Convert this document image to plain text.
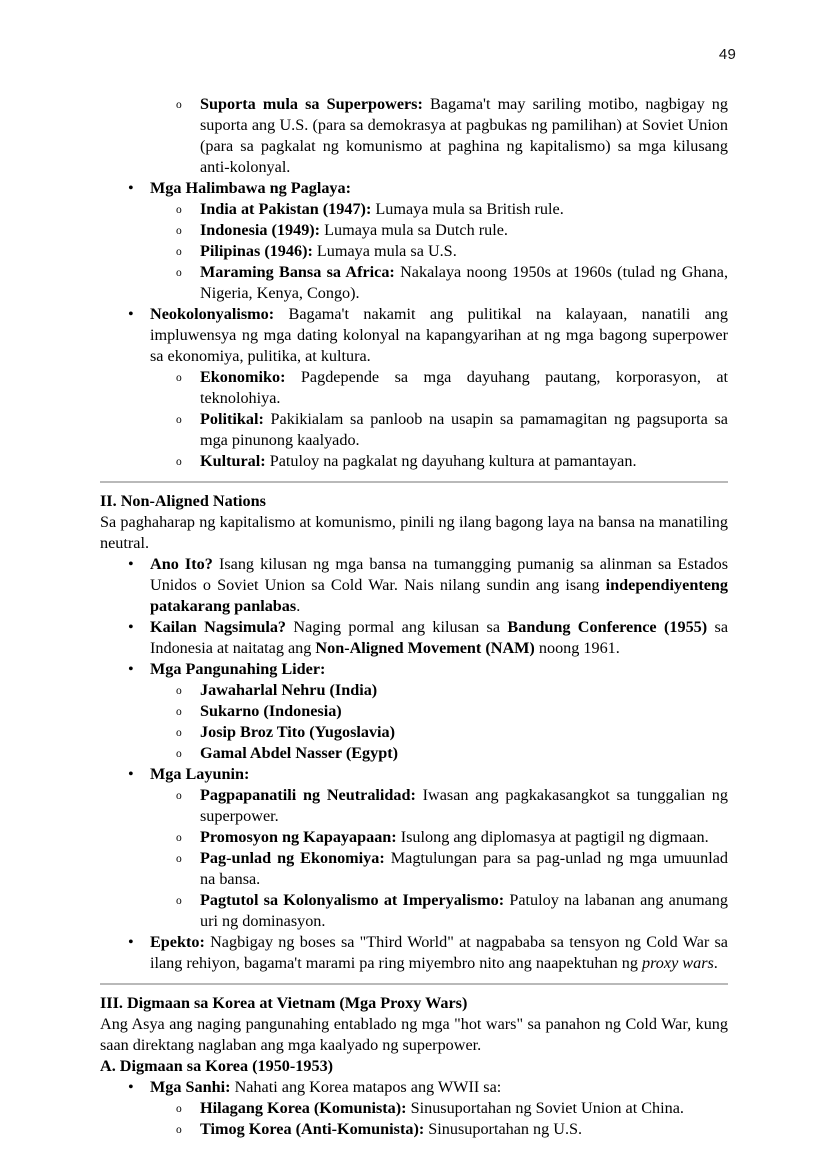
49
o	Suporta mula sa Superpowers: Bagama't may sariling motibo, nagbigay ng suporta ang U.S. (para sa demokrasya at pagbukas ng pamilihan) at Soviet Union (para sa pagkalat ng komunismo at paghina ng kapitalismo) sa mga kilusang anti-kolonyal.
• Mga Halimbawa ng Paglaya:
o	India at Pakistan (1947): Lumaya mula sa British rule.
o	Indonesia (1949): Lumaya mula sa Dutch rule.
o	Pilipinas (1946): Lumaya mula sa U.S.
o	Maraming Bansa sa Africa: Nakalaya noong 1950s at 1960s (tulad ng Ghana, Nigeria, Kenya, Congo).
• Neokolonyalismo: Bagama't nakamit ang pulitikal na kalayaan, nanatili ang impluwensya ng mga dating kolonyal na kapangyarihan at ng mga bagong superpower sa ekonomiya, pulitika, at kultura.
o	Ekonomiko: Pagdepende sa mga dayuhang pautang, korporasyon, at teknolohiya.
o	Politikal: Pakikialam sa panloob na usapin sa pamamagitan ng pagsuporta sa mga pinunong kaalyado.
o	Kultural: Patuloy na pagkalat ng dayuhang kultura at pamantayan.
II. Non-Aligned Nations
Sa paghaharap ng kapitalismo at komunismo, pinili ng ilang bagong laya na bansa na manatiling neutral.
• Ano Ito? Isang kilusan ng mga bansa na tumangging pumanig sa alinman sa Estados Unidos o Soviet Union sa Cold War. Nais nilang sundin ang isang independiyenteng patakarang panlabas.
• Kailan Nagsimula? Naging pormal ang kilusan sa Bandung Conference (1955) sa Indonesia at naitatag ang Non-Aligned Movement (NAM) noong 1961.
• Mga Pangunahing Lider:
o	Jawaharlal Nehru (India)
o	Sukarno (Indonesia)
o	Josip Broz Tito (Yugoslavia)
o	Gamal Abdel Nasser (Egypt)
• Mga Layunin:
o	Pagpapanatili ng Neutralidad: Iwasan ang pagkakasangkot sa tunggalian ng superpower.
o	Promosyon ng Kapayapaan: Isulong ang diplomasya at pagtigil ng digmaan.
o	Pag-unlad ng Ekonomiya: Magtulungan para sa pag-unlad ng mga umuunlad na bansa.
o	Pagtutol sa Kolonyalismo at Imperyalismo: Patuloy na labanan ang anumang uri ng dominasyon.
• Epekto: Nagbigay ng boses sa "Third World" at nagpababa sa tensyon ng Cold War sa ilang rehiyon, bagama't marami pa ring miyembro nito ang naapektuhan ng proxy wars.
III. Digmaan sa Korea at Vietnam (Mga Proxy Wars)
Ang Asya ang naging pangunahing entablado ng mga "hot wars" sa panahon ng Cold War, kung saan direktang naglaban ang mga kaalyado ng superpower.
A. Digmaan sa Korea (1950-1953)
• Mga Sanhi: Nahati ang Korea matapos ang WWII sa:
o	Hilagang Korea (Komunista): Sinusuportahan ng Soviet Union at China.
o	Timog Korea (Anti-Komunista): Sinusuportahan ng U.S.
